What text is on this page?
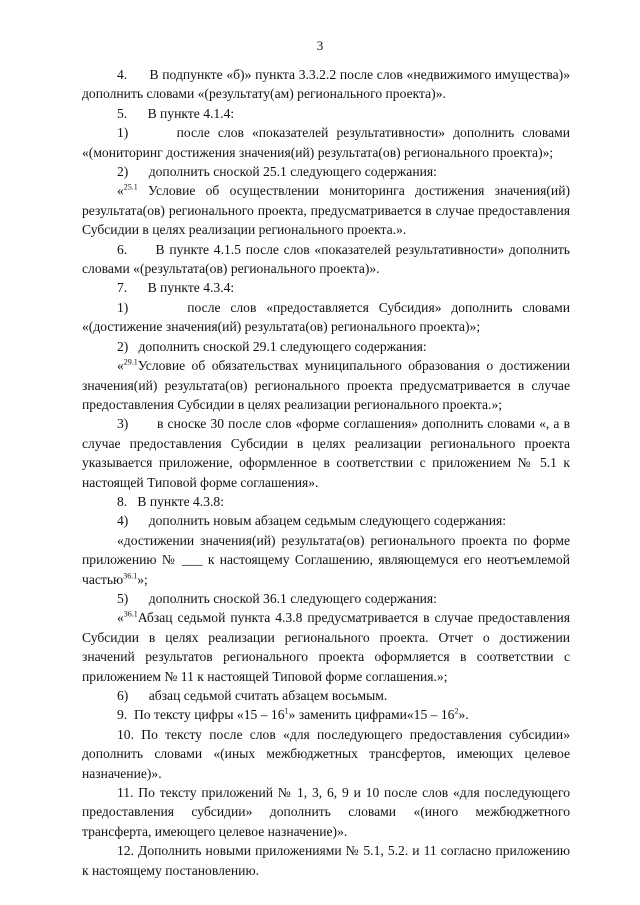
3

4.      В подпункте «б)» пункта 3.3.2.2 после слов «недвижимого имущества)» дополнить словами «(результату(ам) регионального проекта)».

5.      В пункте 4.1.4:

1)      после слов «показателей результативности» дополнить словами «(мониторинг достижения значения(ий) результата(ов) регионального проекта)»;

2)      дополнить сноской 25.1 следующего содержания:

«$^{25.1}$ Условие об осуществлении мониторинга достижения значения(ий) результата(ов) регионального проекта, предусматривается в случае предоставления Субсидии в целях реализации регионального проекта.».

6.      В пункте 4.1.5 после слов «показателей результативности» дополнить словами «(результата(ов) регионального проекта)».

7.      В пункте 4.3.4:

1)      после слов «предоставляется Субсидия» дополнить словами «(достижение значения(ий) результата(ов) регионального проекта)»;

2)   дополнить сноской 29.1 следующего содержания:

«$^{29.1}$Условие об обязательствах муниципального образования о достижении значения(ий) результата(ов) регионального проекта предусматривается в случае предоставления Субсидии в целях реализации регионального проекта.»;

3)       в сноске 30 после слов «форме соглашения» дополнить словами «, а в случае предоставления Субсидии в целях реализации регионального проекта указывается приложение, оформленное в соответствии с приложением № 5.1 к настоящей Типовой форме соглашения».

8.   В пункте 4.3.8:

4)      дополнить новым абзацем седьмым следующего содержания:

«достижении значения(ий) результата(ов) регионального проекта по форме приложению № ___ к настоящему Соглашению, являющемуся его неотъемлемой частью$^{36.1}$»;

5)      дополнить сноской 36.1 следующего содержания:

«$^{36.1}$Абзац седьмой пункта 4.3.8 предусматривается в случае предоставления Субсидии в целях реализации регионального проекта. Отчет о достижении значений результатов регионального проекта оформляется в соответствии с приложением № 11 к настоящей Типовой форме соглашения.»;

6)      абзац седьмой считать абзацем восьмым.

9.  По тексту цифры «$15 - 16^1$» заменить цифрами«15 – $16^2$».

10. По тексту после слов «для последующего предоставления субсидии» дополнить словами «(иных межбюджетных трансфертов, имеющих целевое назначение)».

11. По тексту приложений № 1, 3, 6, 9 и 10 после слов «для последующего предоставления субсидии» дополнить словами «(иного межбюджетного трансферта, имеющего целевое назначение)».

12. Дополнить новыми приложениями № 5.1, 5.2. и 11 согласно приложению к настоящему постановлению.
